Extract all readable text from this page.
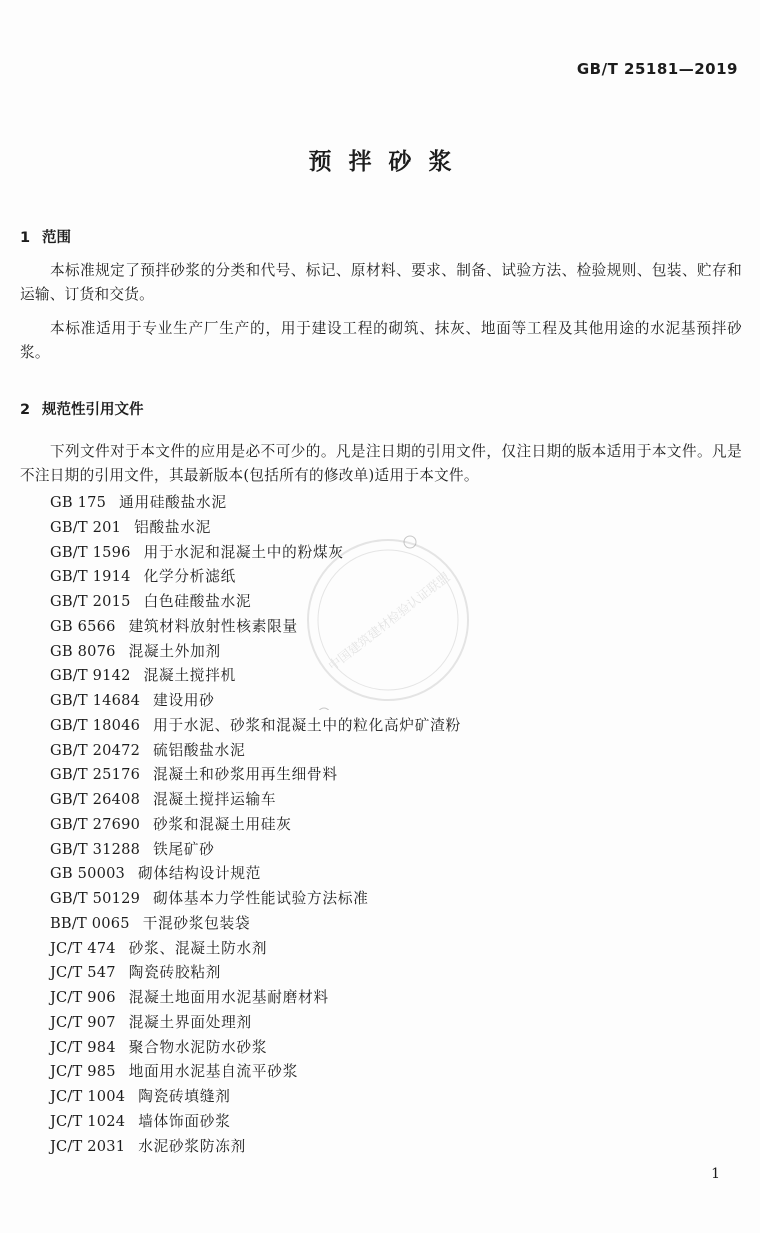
GB/T 25181—2019
预拌砂浆
1 范围

本标准规定了预拌砂浆的分类和代号、标记、原材料、要求、制备、试验方法、检验规则、包装、贮存和运输、订货和交货。

本标准适用于专业生产厂生产的，用于建设工程的砌筑、抹灰、地面等工程及其他用途的水泥基预拌砂浆。

2 规范性引用文件

下列文件对于本文件的应用是必不可少的。凡是注日期的引用文件，仅注日期的版本适用于本文件。凡是不注日期的引用文件，其最新版本(包括所有的修改单)适用于本文件。

GB 175 通用硅酸盐水泥
GB/T 201 铝酸盐水泥
GB/T 1596 用于水泥和混凝土中的粉煤灰
GB/T 1914 化学分析滤纸
GB/T 2015 白色硅酸盐水泥
GB 6566 建筑材料放射性核素限量
GB 8076 混凝土外加剂
GB/T 9142 混凝土搅拌机
GB/T 14684 建设用砂
GB/T 18046 用于水泥、砂浆和混凝土中的粒化高炉矿渣粉
GB/T 20472 硫铝酸盐水泥
GB/T 25176 混凝土和砂浆用再生细骨料
GB/T 26408 混凝土搅拌运输车
GB/T 27690 砂浆和混凝土用硅灰
GB/T 31288 铁尾矿砂
GB 50003 砌体结构设计规范
GB/T 50129 砌体基本力学性能试验方法标准
BB/T 0065 干混砂浆包装袋
JC/T 474 砂浆、混凝土防水剂
JC/T 547 陶瓷砖胶粘剂
JC/T 906 混凝土地面用水泥基耐磨材料
JC/T 907 混凝土界面处理剂
JC/T 984 聚合物水泥防水砂浆
JC/T 985 地面用水泥基自流平砂浆
JC/T 1004 陶瓷砖填缝剂
JC/T 1024 墙体饰面砂浆
JC/T 2031 水泥砂浆防冻剂
中国建筑建材检验认证联盟
1
